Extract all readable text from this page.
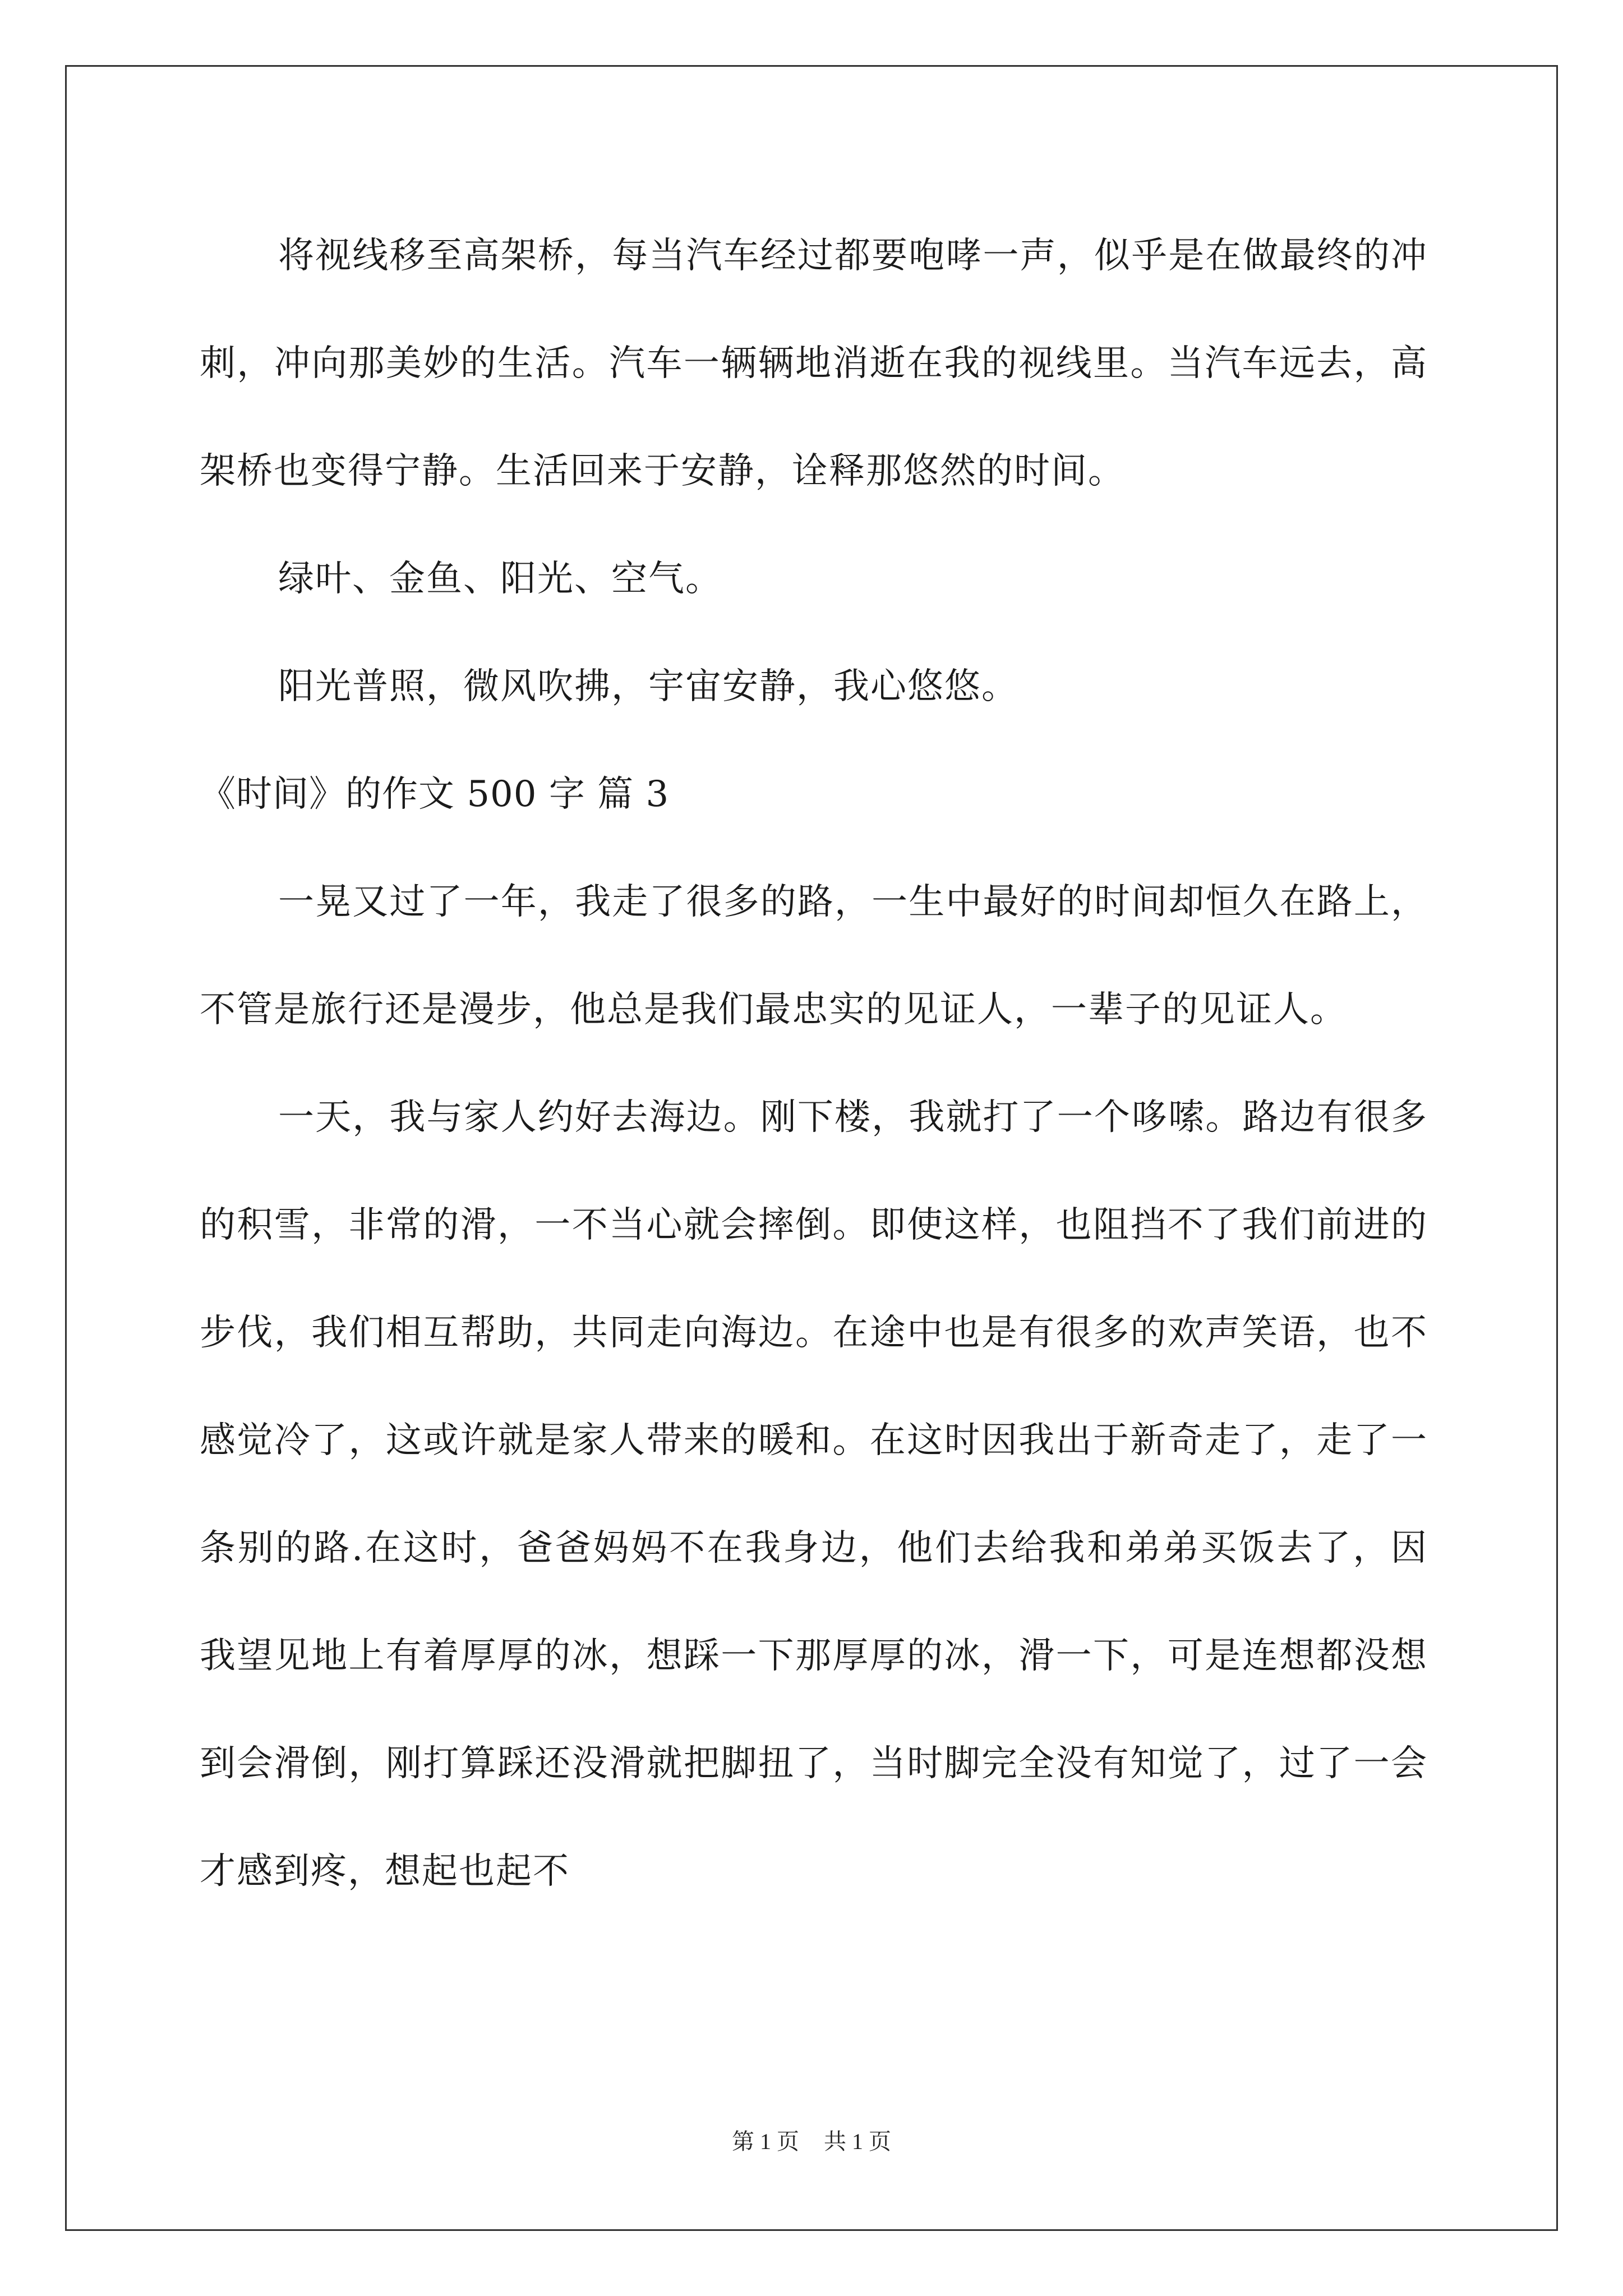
将视线移至高架桥，每当汽车经过都要咆哮一声，似乎是在做最终的冲刺，冲向那美妙的生活。汽车一辆辆地消逝在我的视线里。当汽车远去，高架桥也变得宁静。生活回来于安静，诠释那悠然的时间。

绿叶、金鱼、阳光、空气。

阳光普照，微风吹拂，宇宙安静，我心悠悠。

《时间》的作文 500 字 篇 3

一晃又过了一年，我走了很多的路，一生中最好的时间却恒久在路上，不管是旅行还是漫步，他总是我们最忠实的见证人，一辈子的见证人。

一天，我与家人约好去海边。刚下楼，我就打了一个哆嗦。路边有很多的积雪，非常的滑，一不当心就会摔倒。即使这样，也阻挡不了我们前进的步伐，我们相互帮助，共同走向海边。在途中也是有很多的欢声笑语，也不感觉冷了，这或许就是家人带来的暖和。在这时因我出于新奇走了，走了一条别的路.在这时，爸爸妈妈不在我身边，他们去给我和弟弟买饭去了，因我望见地上有着厚厚的冰，想踩一下那厚厚的冰，滑一下，可是连想都没想到会滑倒，刚打算踩还没滑就把脚扭了，当时脚完全没有知觉了，过了一会才感到疼，想起也起不

第 1 页 共 1 页
